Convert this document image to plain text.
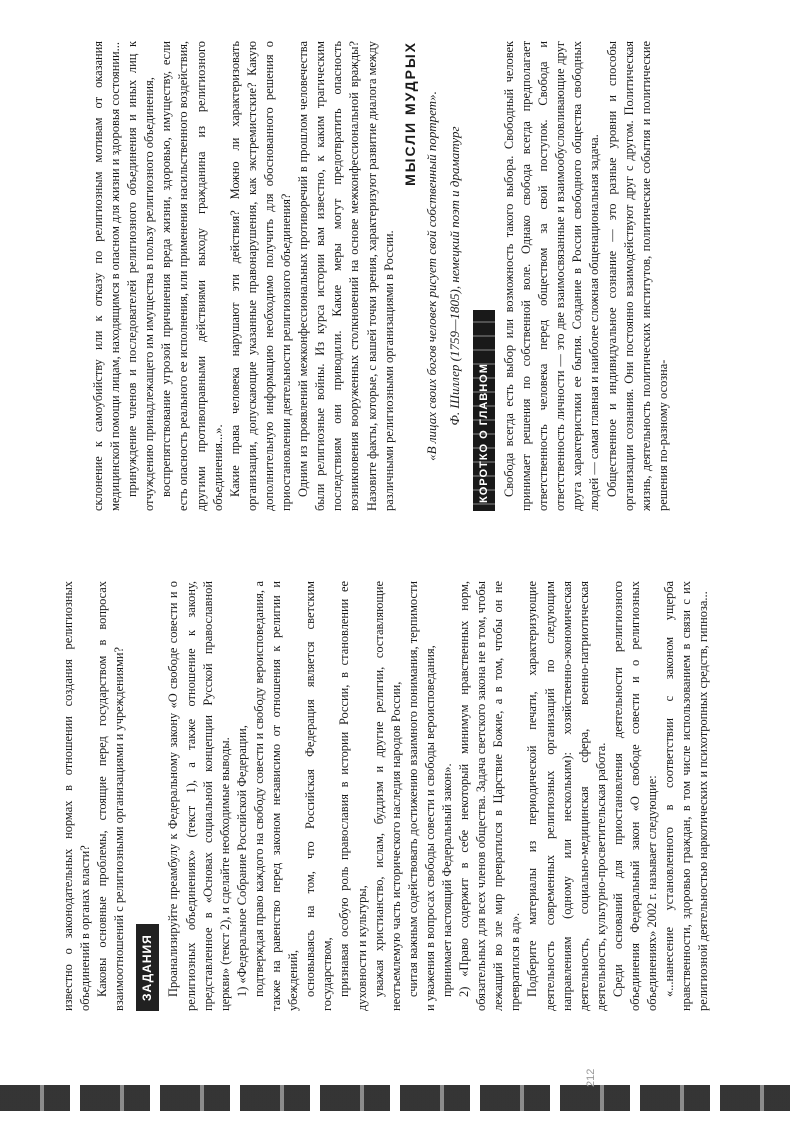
212

известно о законодательных нормах в отношении создания религиозных объединений в органах власти? Каковы основные проблемы, стоящие перед государством в вопросах взаимоотношений с религиозными организациями и учреждениями? ЗАДАНИЯ Проанализируйте преамбулу к Федеральному закону «О свободе совести и о религиозных объединениях» (текст 1), а также отношение к закону, представленное в «Основах социальной концепции Русской православной церкви» (текст 2), и сделайте необходимые выводы. 1) «Федеральное Собрание Российской Федерации, подтверждая право каждого на свободу совести и свободу вероисповедания, а также на равенство перед законом независимо от отношения к религии и убеждений, основываясь на том, что Российская Федерация является светским государством, признавая особую роль православия в истории России, в становлении ее духовности и культуры, уважая христианство, ислам, буддизм и другие религии, составляющие неотъемлемую часть исторического наследия народов России, считая важным содействовать достижению взаимного понимания, терпимости и уважения в вопросах свободы совести и свободы вероисповедания, принимает настоящий Федеральный закон». 2) «Право содержит в себе некоторый минимум нравственных норм, обязательных для всех членов общества. Задача светского закона не в том, чтобы лежащий во зле мир превратился в Царствие Божие, а в том, чтобы он не превратился в ад». Подберите материалы из периодической печати, характеризующие деятельность современных религиозных организаций по следующим направлениям (одному или нескольким): хозяйственно-экономическая деятельность, социально-медицинская сфера, военно-патриотическая деятельность, культурно-просветительская работа. Среди оснований для приостановления деятельности религиозного объединения Федеральный закон «О свободе совести и о религиозных объединениях» 2002 г. называет следующие: «...нанесение установленного в соответствии с законом ущерба нравственности, здоровью граждан, в том числе использованием в связи с их религиозной деятельностью наркотических и психотропных средств, гипноза...

склонение к самоубийству или к отказу по религиозным мотивам от оказания медицинской помощи лицам, находящимся в опасном для жизни и здоровья состоянии... принуждение членов и последователей религиозного объединения и иных лиц к отчуждению принадлежащего им имущества в пользу религиозного объединения, воспрепятствование угрозой причинения вреда жизни, здоровью, имуществу, если есть опасность реального ее исполнения, или применения насильственного воздействия, другими противоправными действиями выходу гражданина из религиозного объединения...». Какие права человека нарушают эти действия? Можно ли характеризовать организации, допускающие указанные правонарушения, как экстремистские? Какую дополнительную информацию необходимо получить для обоснованного решения о приостановлении деятельности религиозного объединения? Одним из проявлений межконфессиональных противоречий в прошлом человечества были религиозные войны. Из курса истории вам известно, к каким трагическим последствиям они приводили. Какие меры могут предотвратить опасность возникновения вооруженных столкновений на основе межконфессиональной вражды? Назовите факты, которые, с вашей точки зрения, характеризуют развитие диалога между различными религиозными организациями в России.

МЫСЛИ МУДРЫХ «В лицах своих богов человек рисует свой собственный портрет». Ф. Шиллер (1759—1805), немецкий поэт и драматург

КОРОТКО О ГЛАВНОМ Свобода всегда есть выбор или возможность такого выбора. Свободный человек принимает решения по собственной воле. Однако свобода всегда предполагает ответственность человека перед обществом за свой поступок. Свобода и ответственность личности — это две взаимосвязанные и взаимообусловливающие друг друга характеристики ее бытия. Создание в России свободного общества свободных людей — самая главная и наиболее сложная общенациональная задача. Общественное и индивидуальное сознание — это разные уровни и способы организации сознания. Они постоянно взаимодействуют друг с другом. Политическая жизнь, деятельность политических институтов, политические события и политические решения по-разному осозна-
